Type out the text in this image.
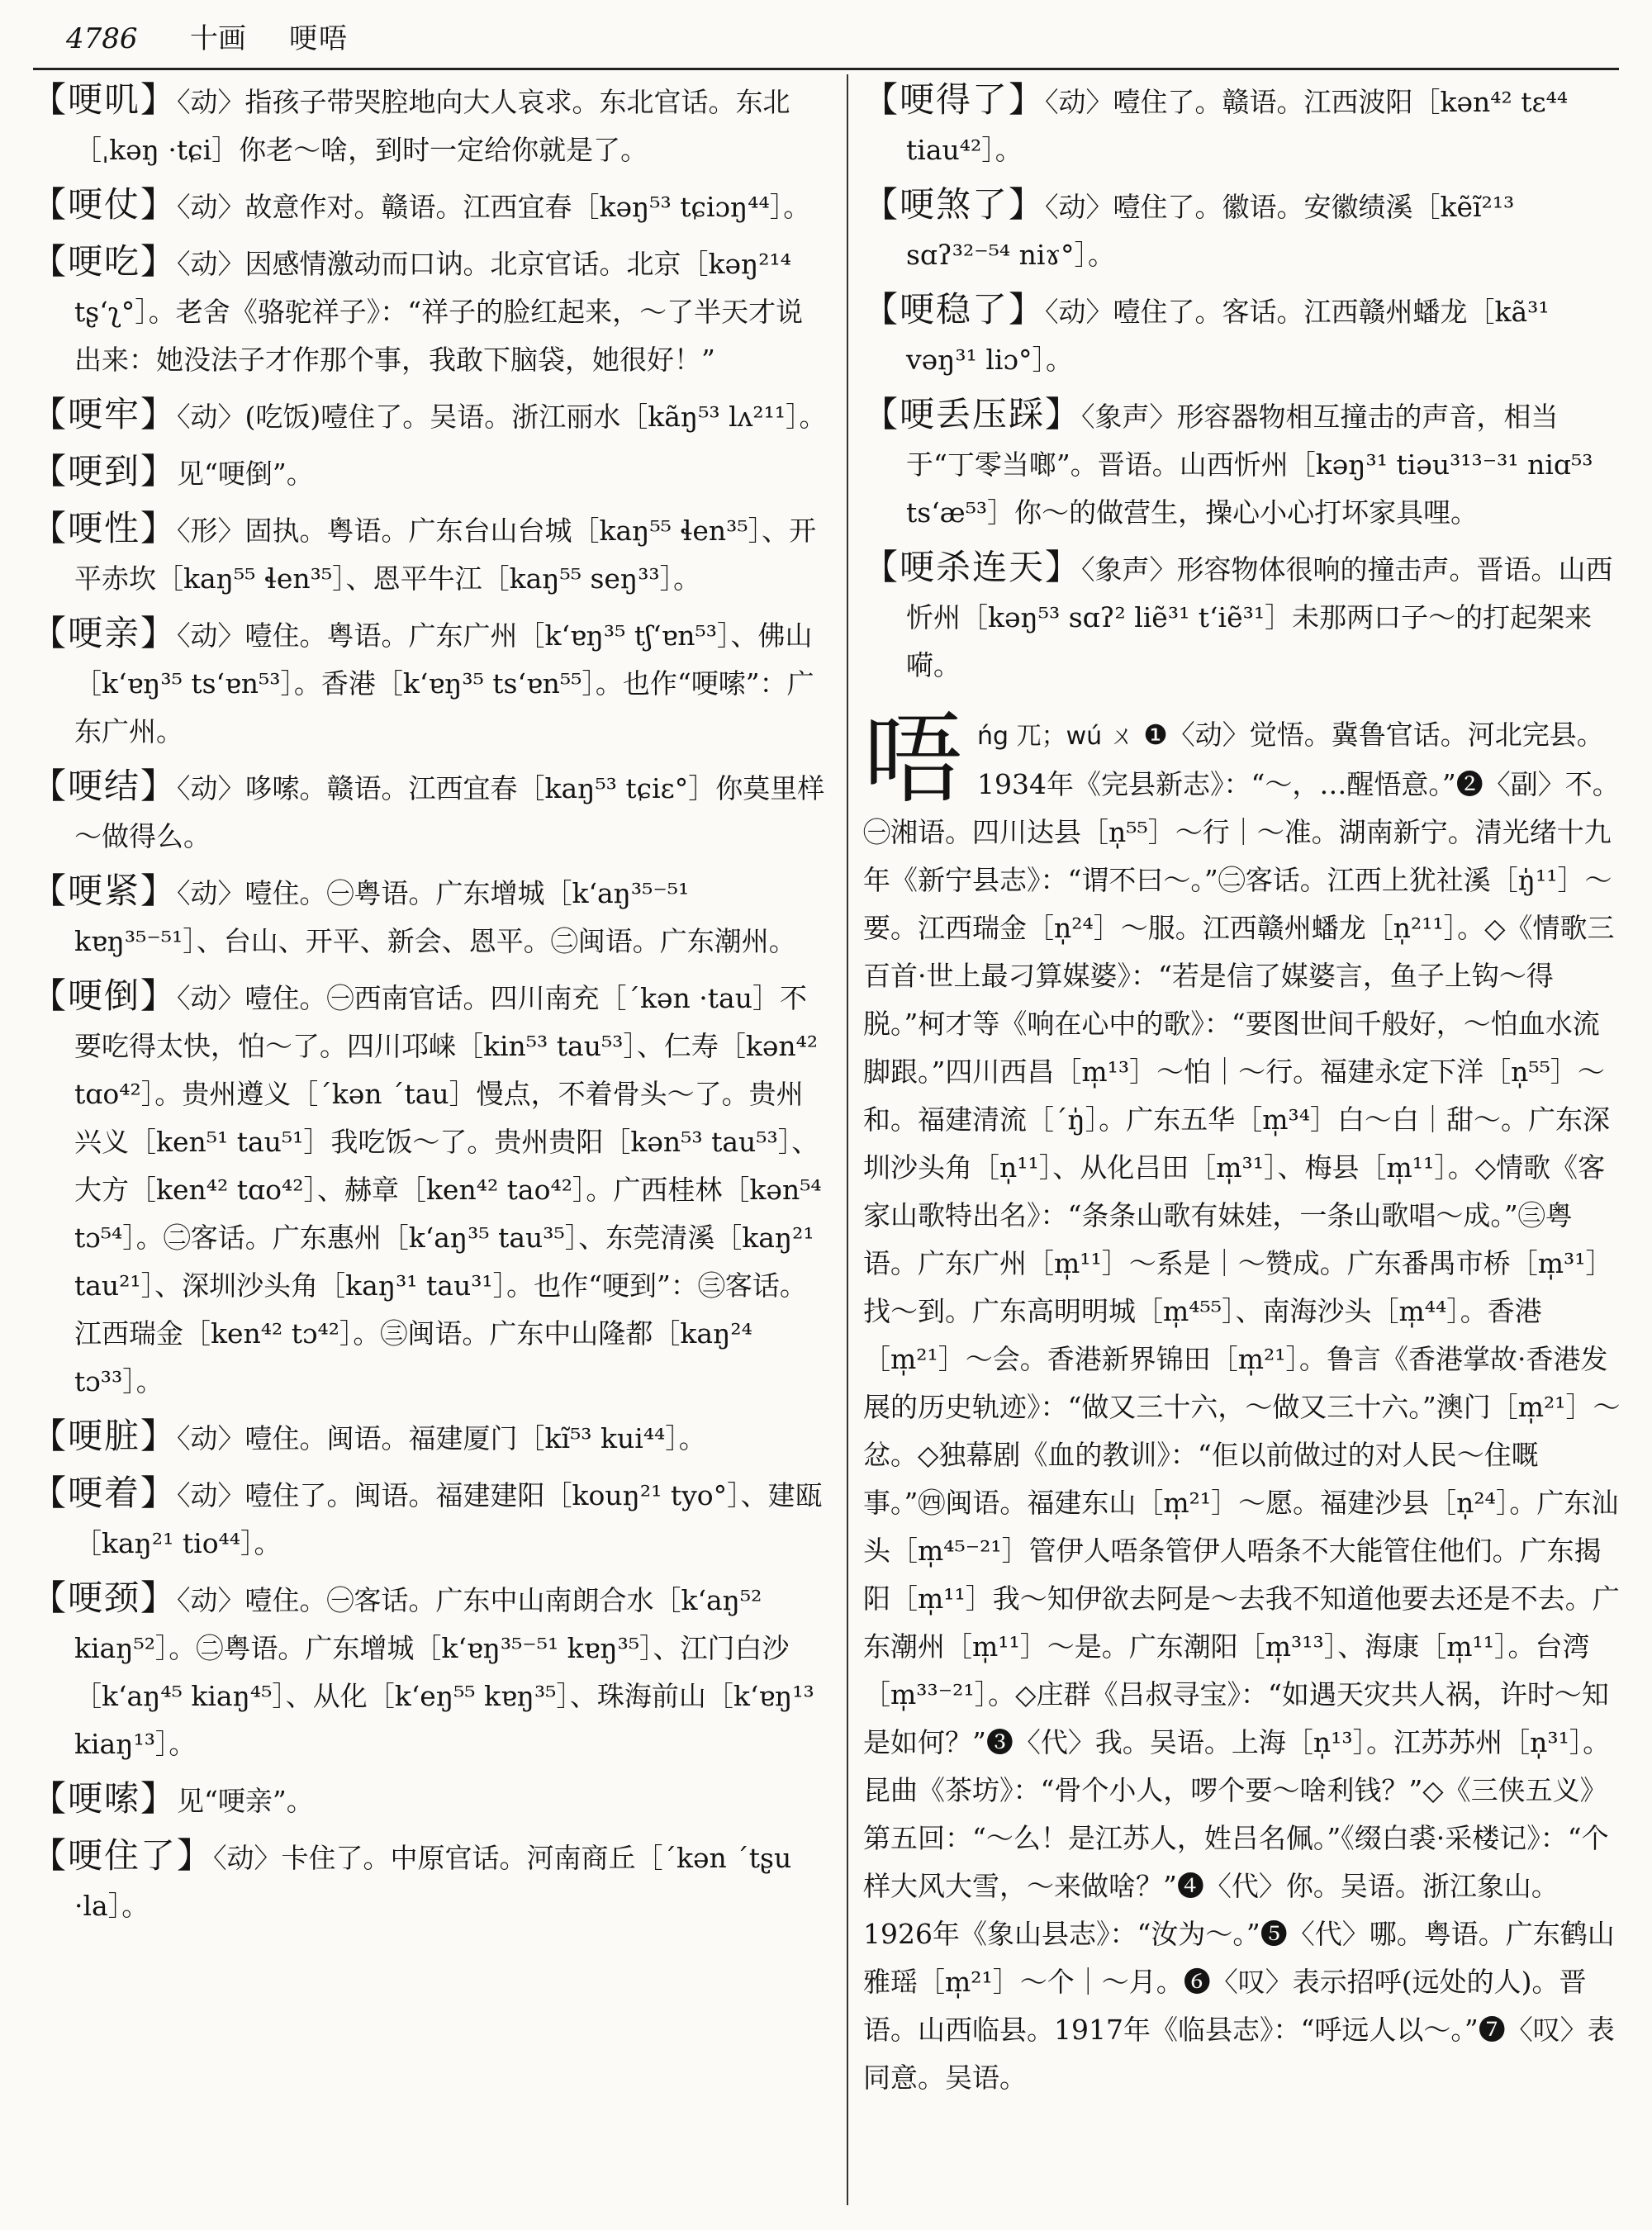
4786 十画 哽唔
【哽叽】〈动〉指孩子带哭腔地向大人哀求。东北官话。东北［ˌkəŋ ·tɕi］你老～啥，到时一定给你就是了。
【哽仗】〈动〉故意作对。赣语。江西宜春［kəŋ⁵³ tɕiɔŋ⁴⁴］。
【哽吃】〈动〉因感情激动而口讷。北京官话。北京［kəŋ²¹⁴ tʂʻʅ°］。老舍《骆驼祥子》：“祥子的脸红起来，～了半天才说出来：她没法子才作那个事，我敢下脑袋，她很好！”
【哽牢】〈动〉(吃饭)噎住了。吴语。浙江丽水［kãŋ⁵³ lʌ²¹¹］。
【哽到】见“哽倒”。
【哽性】〈形〉固执。粤语。广东台山台城［kaŋ⁵⁵ ɬen³⁵］、开平赤坎［kaŋ⁵⁵ ɬen³⁵］、恩平牛江［kaŋ⁵⁵ seŋ³³］。
【哽亲】〈动〉噎住。粤语。广东广州［kʻɐŋ³⁵ tʃʻɐn⁵³］、佛山［kʻɐŋ³⁵ tsʻɐn⁵³］。香港［kʻɐŋ³⁵ tsʻɐn⁵⁵］。也作“哽嗦”：广东广州。
【哽结】〈动〉哆嗦。赣语。江西宜春［kaŋ⁵³ tɕiɛ°］你莫里样～做得么。
【哽紧】〈动〉噎住。㊀粤语。广东增城［kʻaŋ³⁵⁻⁵¹ kɐŋ³⁵⁻⁵¹］、台山、开平、新会、恩平。㊁闽语。广东潮州。
【哽倒】〈动〉噎住。㊀西南官话。四川南充［ˊkən ·tau］不要吃得太快，怕～了。四川邛崃［kin⁵³ tau⁵³］、仁寿［kən⁴² tɑo⁴²］。贵州遵义［ˊkən ˊtau］慢点，不着骨头～了。贵州兴义［ken⁵¹ tau⁵¹］我吃饭～了。贵州贵阳［kən⁵³ tau⁵³］、大方［ken⁴² tɑo⁴²］、赫章［ken⁴² tao⁴²］。广西桂林［kən⁵⁴ tɔ⁵⁴］。㊁客话。广东惠州［kʻaŋ³⁵ tau³⁵］、东莞清溪［kaŋ²¹ tau²¹］、深圳沙头角［kaŋ³¹ tau³¹］。也作“哽到”：㊂客话。江西瑞金［ken⁴² tɔ⁴²］。㊂闽语。广东中山隆都［kaŋ²⁴ tɔ³³］。
【哽脏】〈动〉噎住。闽语。福建厦门［kĩ⁵³ kui⁴⁴］。
【哽着】〈动〉噎住了。闽语。福建建阳［kouŋ²¹ tyo°］、建瓯［kaŋ²¹ tio⁴⁴］。
【哽颈】〈动〉噎住。㊀客话。广东中山南朗合水［kʻaŋ⁵² kiaŋ⁵²］。㊁粤语。广东增城［kʻɐŋ³⁵⁻⁵¹ kɐŋ³⁵］、江门白沙［kʻaŋ⁴⁵ kiaŋ⁴⁵］、从化［kʻeŋ⁵⁵ kɐŋ³⁵］、珠海前山［kʻɐŋ¹³ kiaŋ¹³］。
【哽嗦】见“哽亲”。
【哽住了】〈动〉卡住了。中原官话。河南商丘［ˊkən ˊtʂu ·la］。
【哽得了】〈动〉噎住了。赣语。江西波阳［kən⁴² tɛ⁴⁴ tiau⁴²］。
【哽煞了】〈动〉噎住了。徽语。安徽绩溪［kẽĩ²¹³ sɑʔ³²⁻⁵⁴ niɤ°］。
【哽稳了】〈动〉噎住了。客话。江西赣州蟠龙［kã³¹ vəŋ³¹ liɔ°］。
【哽丢压踩】〈象声〉形容器物相互撞击的声音，相当于“丁零当啷”。晋语。山西忻州［kəŋ³¹ tiəu³¹³⁻³¹ niɑ⁵³ tsʻæ⁵³］你～的做营生，操心小心打坏家具哩。
【哽杀连天】〈象声〉形容物体很响的撞击声。晋语。山西忻州［kəŋ⁵³ sɑʔ² liẽ³¹ tʻiẽ³¹］未那两口子～的打起架来嗬。
唔 ńg 兀；wú ㄨ ❶〈动〉觉悟。冀鲁官话。河北完县。1934年《完县新志》：“～，…醒悟意。”❷〈副〉不。㊀湘语。四川达县［n̩⁵⁵］～行｜～准。湖南新宁。清光绪十九年《新宁县志》：“谓不曰～。”㊁客话。江西上犹社溪［ŋ̍¹¹］～要。江西瑞金［n̩²⁴］～服。江西赣州蟠龙［n̩²¹¹］。◇《情歌三百首·世上最刁算媒婆》：“若是信了媒婆言，鱼子上钩～得脱。”柯才等《响在心中的歌》：“要图世间千般好，～怕血水流脚跟。”四川西昌［m̩¹³］～怕｜～行。福建永定下洋［n̩⁵⁵］～和。福建清流［ˊŋ̍］。广东五华［m̩³⁴］白～白｜甜～。广东深圳沙头角［n̩¹¹］、从化吕田［m̩³¹］、梅县［m̩¹¹］。◇情歌《客家山歌特出名》：“条条山歌有妹娃，一条山歌唱～成。”㊂粤语。广东广州［m̩¹¹］～系是｜～赞成。广东番禺市桥［m̩³¹］找～到。广东高明明城［m̩⁴⁵⁵］、南海沙头［m̩⁴⁴］。香港［m̩²¹］～会。香港新界锦田［m̩²¹］。鲁言《香港掌故·香港发展的历史轨迹》：“做又三十六，～做又三十六。”澳门［m̩²¹］～忿。◇独幕剧《血的教训》：“佢以前做过的对人民～住嘅事。”㊃闽语。福建东山［m̩²¹］～愿。福建沙县［n̩²⁴］。广东汕头［m̩⁴⁵⁻²¹］管伊人唔条管伊人唔条不大能管住他们。广东揭阳［m̩¹¹］我～知伊欲去阿是～去我不知道他要去还是不去。广东潮州［m̩¹¹］～是。广东潮阳［m̩³¹³］、海康［m̩¹¹］。台湾［m̩³³⁻²¹］。◇庄群《吕叔寻宝》：“如遇天灾共人祸，许时～知是如何？”❸〈代〉我。吴语。上海［n̩¹³］。江苏苏州［n̩³¹］。昆曲《茶坊》：“骨个小人，啰个要～啥利钱？”◇《三侠五义》第五回：“～么！是江苏人，姓吕名佩。”《缀白裘·采楼记》：“个样大风大雪，～来做啥？”❹〈代〉你。吴语。浙江象山。1926年《象山县志》：“汝为～。”❺〈代〉哪。粤语。广东鹤山雅瑶［m̩²¹］～个｜～月。❻〈叹〉表示招呼(远处的人)。晋语。山西临县。1917年《临县志》：“呼远人以～。”❼〈叹〉表同意。吴语。
